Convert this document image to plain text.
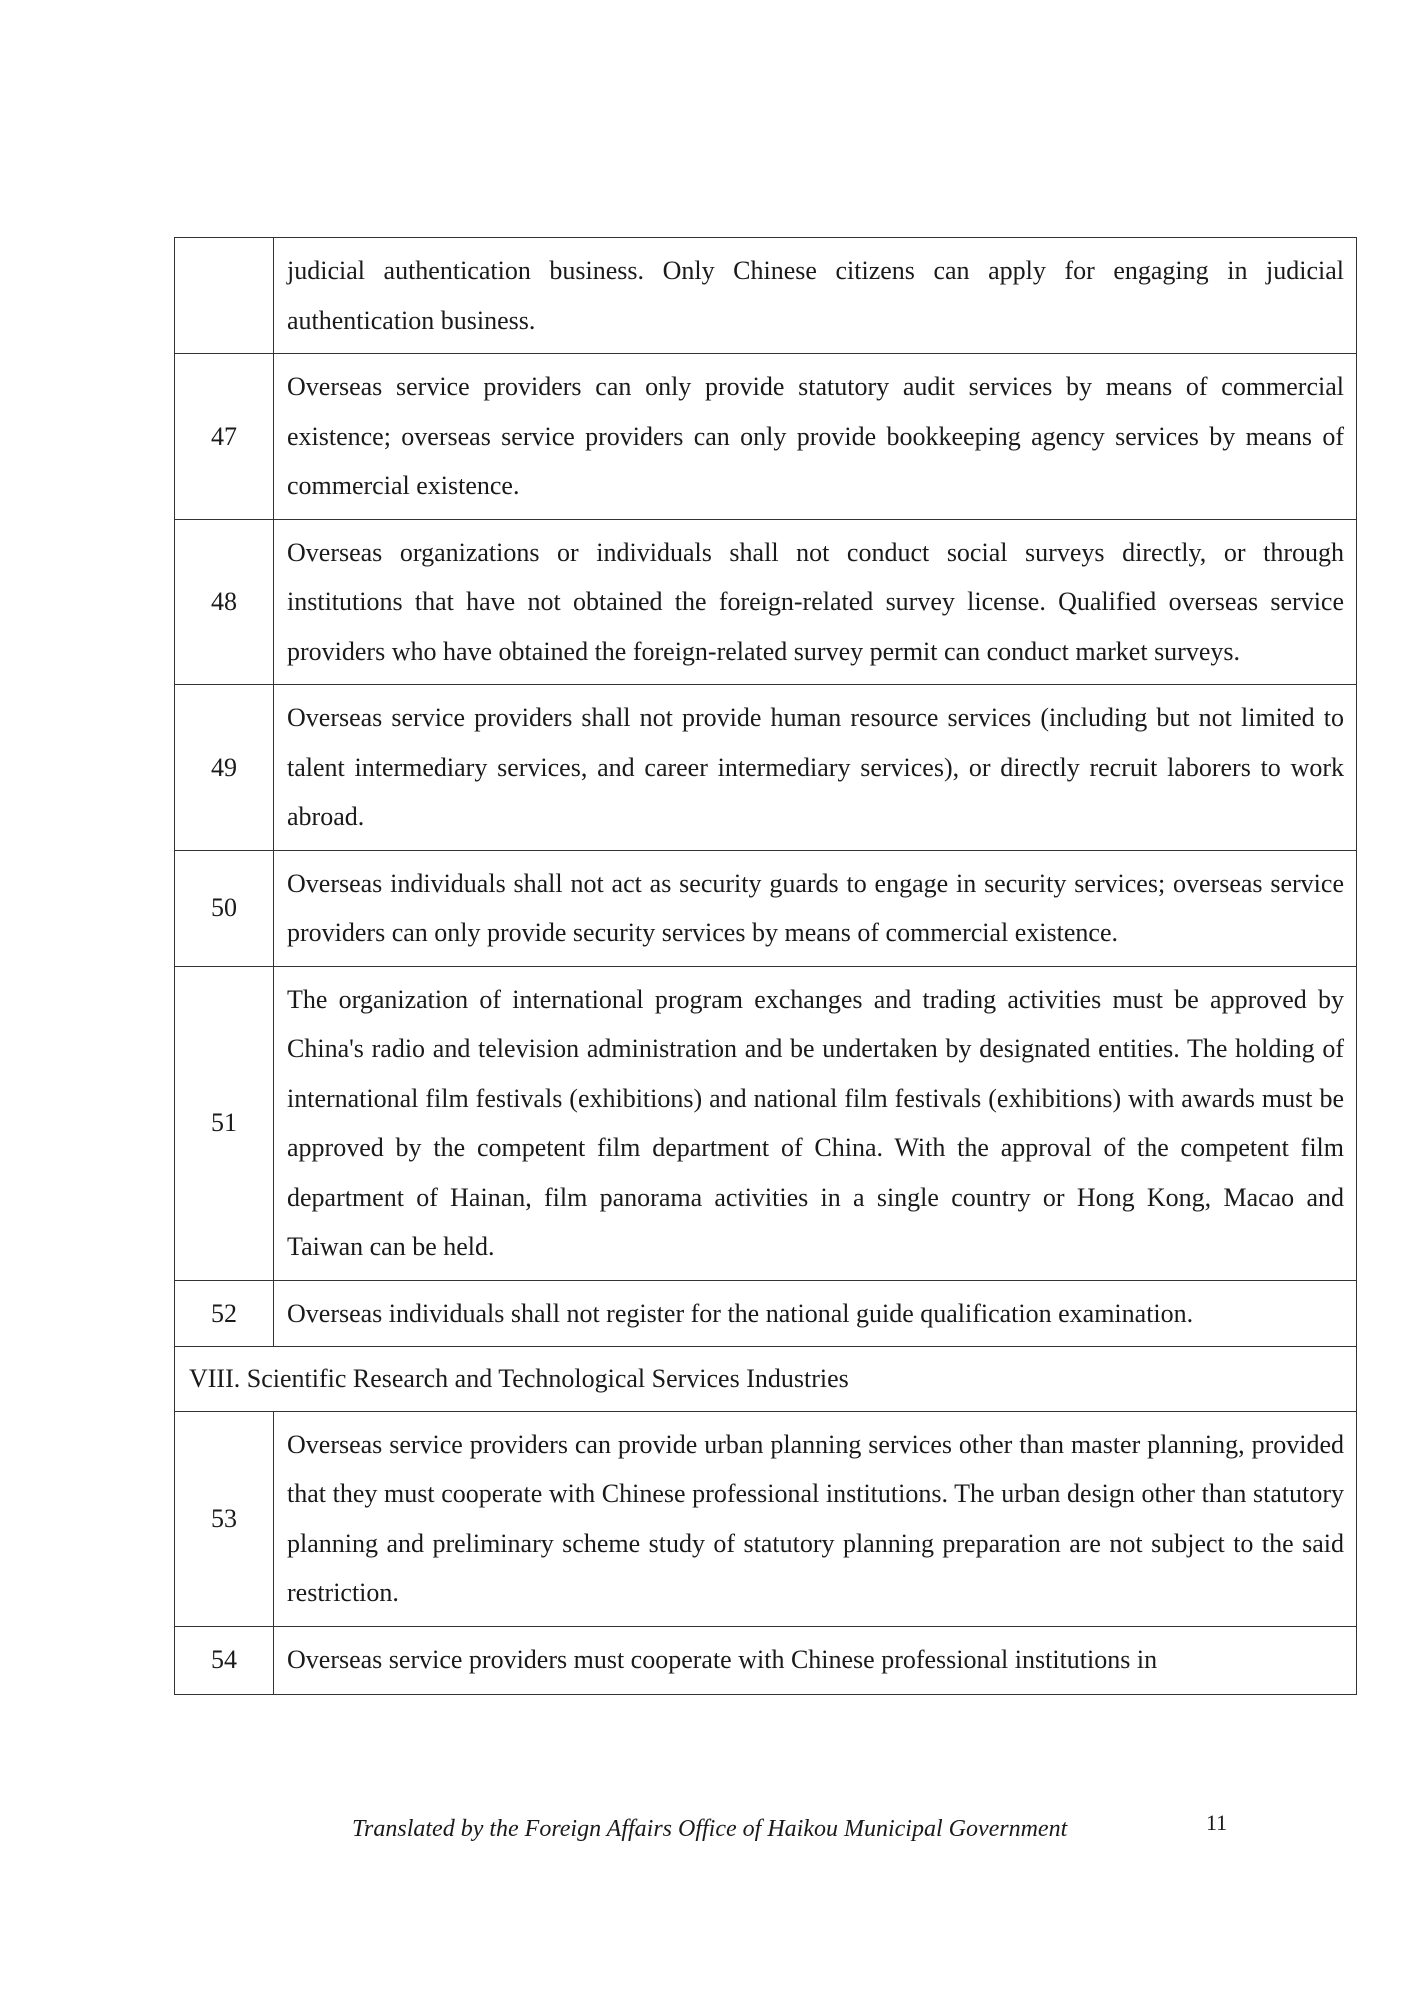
	judicial authentication business. Only Chinese citizens can apply for engaging in judicial authentication business.
47	Overseas service providers can only provide statutory audit services by means of commercial existence; overseas service providers can only provide bookkeeping agency services by means of commercial existence.
48	Overseas organizations or individuals shall not conduct social surveys directly, or through institutions that have not obtained the foreign-related survey license. Qualified overseas service providers who have obtained the foreign-related survey permit can conduct market surveys.
49	Overseas service providers shall not provide human resource services (including but not limited to talent intermediary services, and career intermediary services), or directly recruit laborers to work abroad.
50	Overseas individuals shall not act as security guards to engage in security services; overseas service providers can only provide security services by means of commercial existence.
51	The organization of international program exchanges and trading activities must be approved by China's radio and television administration and be undertaken by designated entities. The holding of international film festivals (exhibitions) and national film festivals (exhibitions) with awards must be approved by the competent film department of China. With the approval of the competent film department of Hainan, film panorama activities in a single country or Hong Kong, Macao and Taiwan can be held.
52	Overseas individuals shall not register for the national guide qualification examination.
VIII. Scientific Research and Technological Services Industries	
53	Overseas service providers can provide urban planning services other than master planning, provided that they must cooperate with Chinese professional institutions. The urban design other than statutory planning and preliminary scheme study of statutory planning preparation are not subject to the said restriction.
54	Overseas service providers must cooperate with Chinese professional institutions in
Translated by the Foreign Affairs Office of Haikou Municipal Government	11
